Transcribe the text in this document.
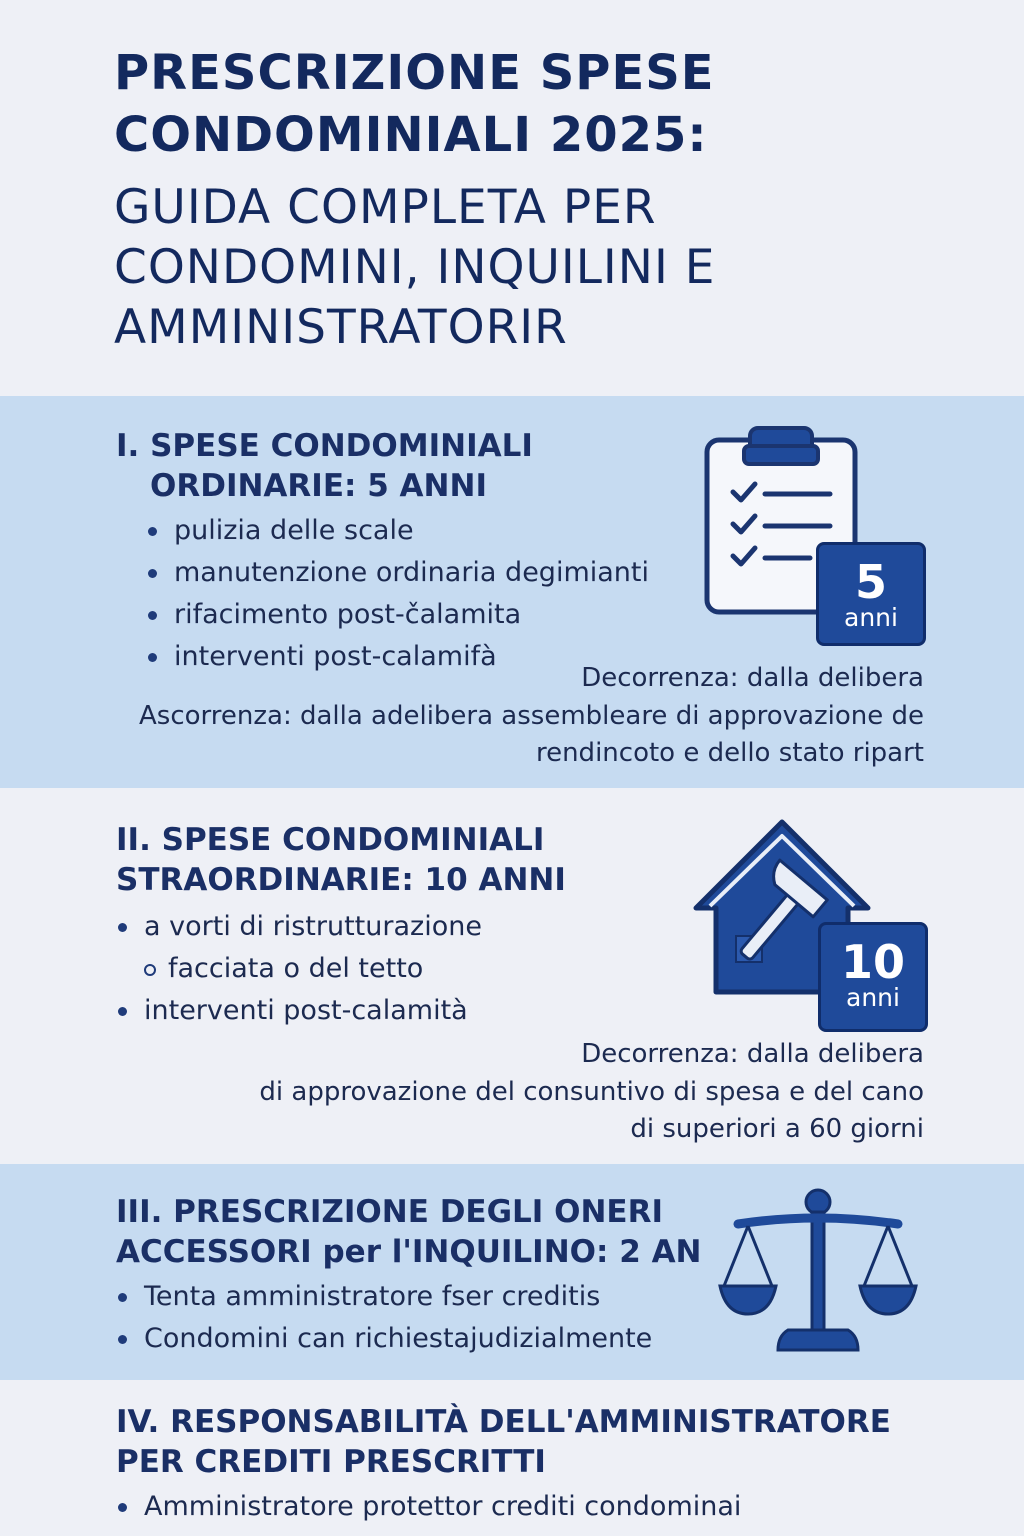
PRESCRIZIONE SPESE
CONDOMINIALI 2025:
GUIDA COMPLETA PER
CONDOMINI, INQUILINI E
AMMINISTRATORIR
I. SPESE CONDOMINIALI
ORDINARIE: 5 ANNI
pulizia delle scale
manutenzione ordinaria degimianti
rifacimento post-čalamita
interventi post-calamifà
5
anni
Decorrenza: dalla delibera
Ascorrenza: dalla adelibera assembleare di approvazione de
rendincoto e dello stato ripart
II. SPESE CONDOMINIALI
STRAORDINARIE: 10 ANNI
a vorti di ristrutturazione
facciata o del tetto
interventi post-calamità
10
anni
Decorrenza: dalla delibera
di approvazione del consuntivo di spesa e del cano
di superiori a 60 giorni
III. PRESCRIZIONE DEGLI ONERI
ACCESSORI per l'INQUILINO: 2 AN
Tenta amministratore fser creditis
Condomini can richiestajudizialmente
IV. RESPONSABILITÀ DELL'AMMINISTRATORE
PER CREDITI PRESCRITTI
Amministratore protettor crediti condominai
